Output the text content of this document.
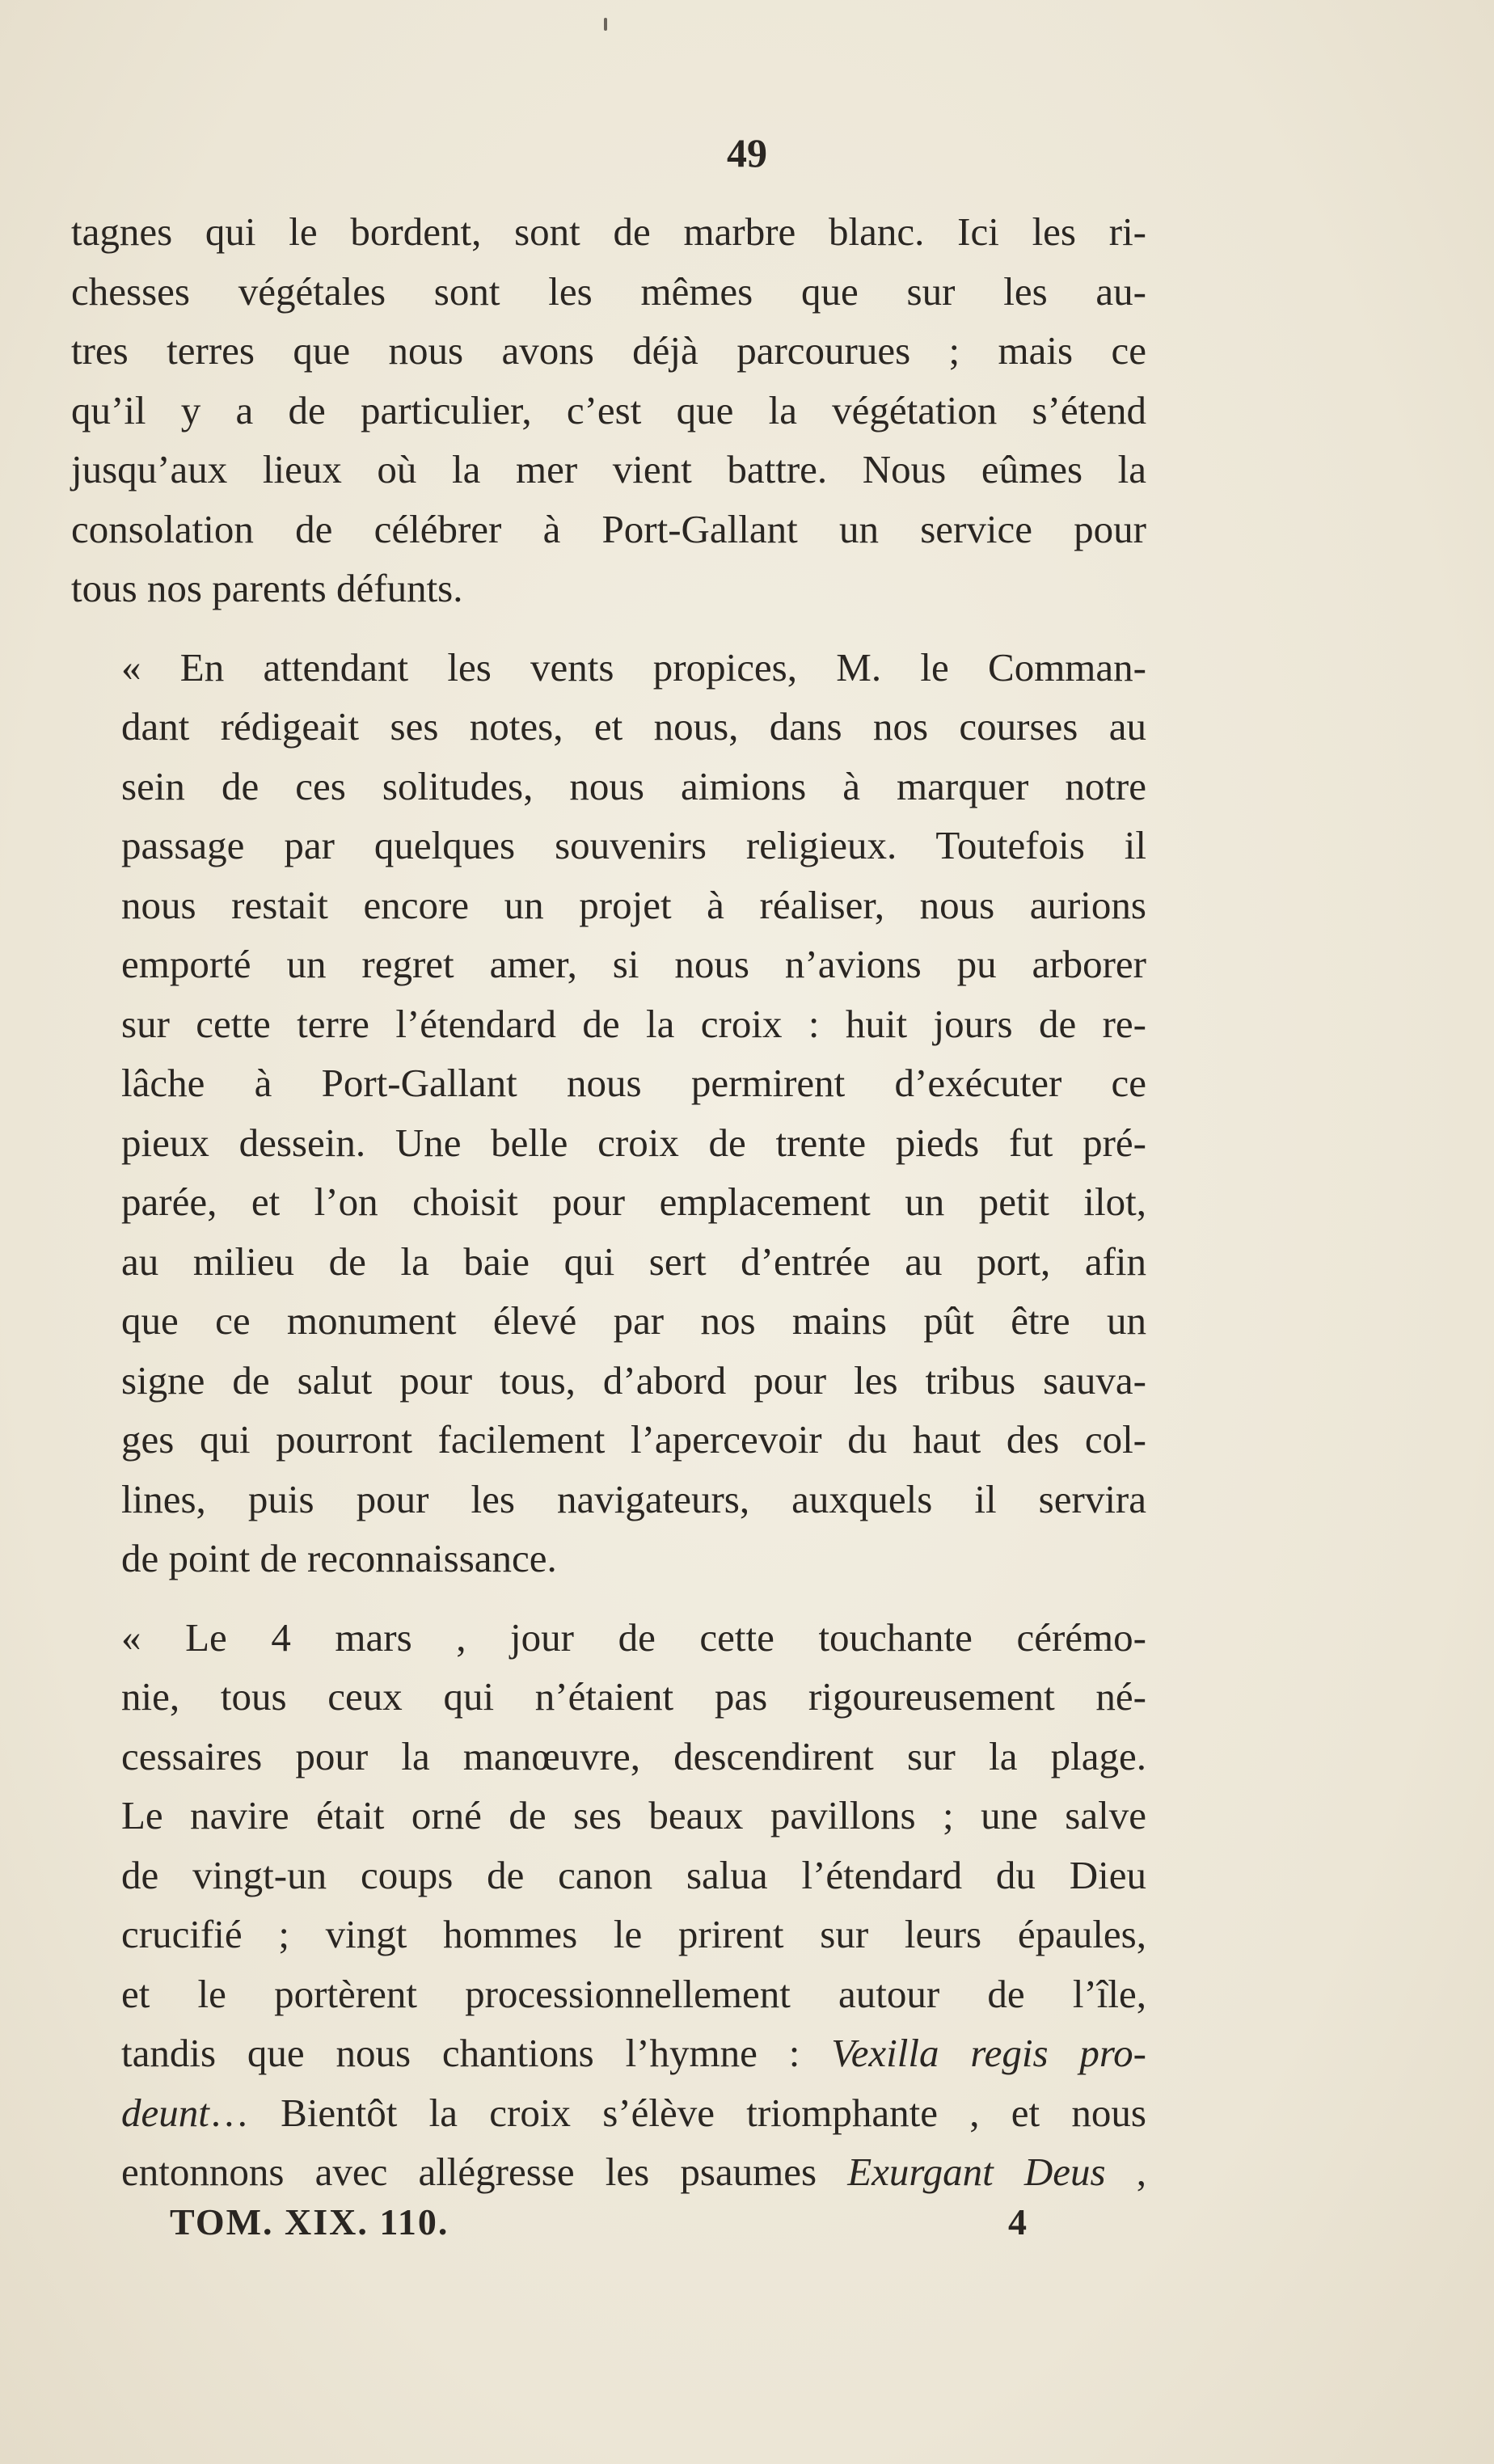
49
tagnes qui le bordent, sont de marbre blanc. Ici les ri-
chesses végétales sont les mêmes que sur les au-
tres terres que nous avons déjà parcourues ; mais ce
qu’il y a de particulier, c’est que la végétation s’étend
jusqu’aux lieux où la mer vient battre. Nous eûmes la
consolation de célébrer à Port-Gallant un service pour
tous nos parents défunts.
« En attendant les vents propices, M. le Comman-
dant rédigeait ses notes, et nous, dans nos courses au
sein de ces solitudes, nous aimions à marquer notre
passage par quelques souvenirs religieux. Toutefois il
nous restait encore un projet à réaliser, nous aurions
emporté un regret amer, si nous n’avions pu arborer
sur cette terre l’étendard de la croix : huit jours de re-
lâche à Port-Gallant nous permirent d’exécuter ce
pieux dessein. Une belle croix de trente pieds fut pré-
parée, et l’on choisit pour emplacement un petit ilot,
au milieu de la baie qui sert d’entrée au port, afin
que ce monument élevé par nos mains pût être un
signe de salut pour tous, d’abord pour les tribus sauva-
ges qui pourront facilement l’apercevoir du haut des col-
lines, puis pour les navigateurs, auxquels il servira
de point de reconnaissance.
« Le 4 mars , jour de cette touchante cérémo-
nie, tous ceux qui n’étaient pas rigoureusement né-
cessaires pour la manœuvre, descendirent sur la plage.
Le navire était orné de ses beaux pavillons ; une salve
de vingt-un coups de canon salua l’étendard du Dieu
crucifié ; vingt hommes le prirent sur leurs épaules,
et le portèrent processionnellement autour de l’île,
tandis que nous chantions l’hymne : Vexilla regis pro-
deunt… Bientôt la croix s’élève triomphante , et nous
entonnons avec allégresse les psaumes Exurgant Deus ,
TOM. XIX. 110.	4
